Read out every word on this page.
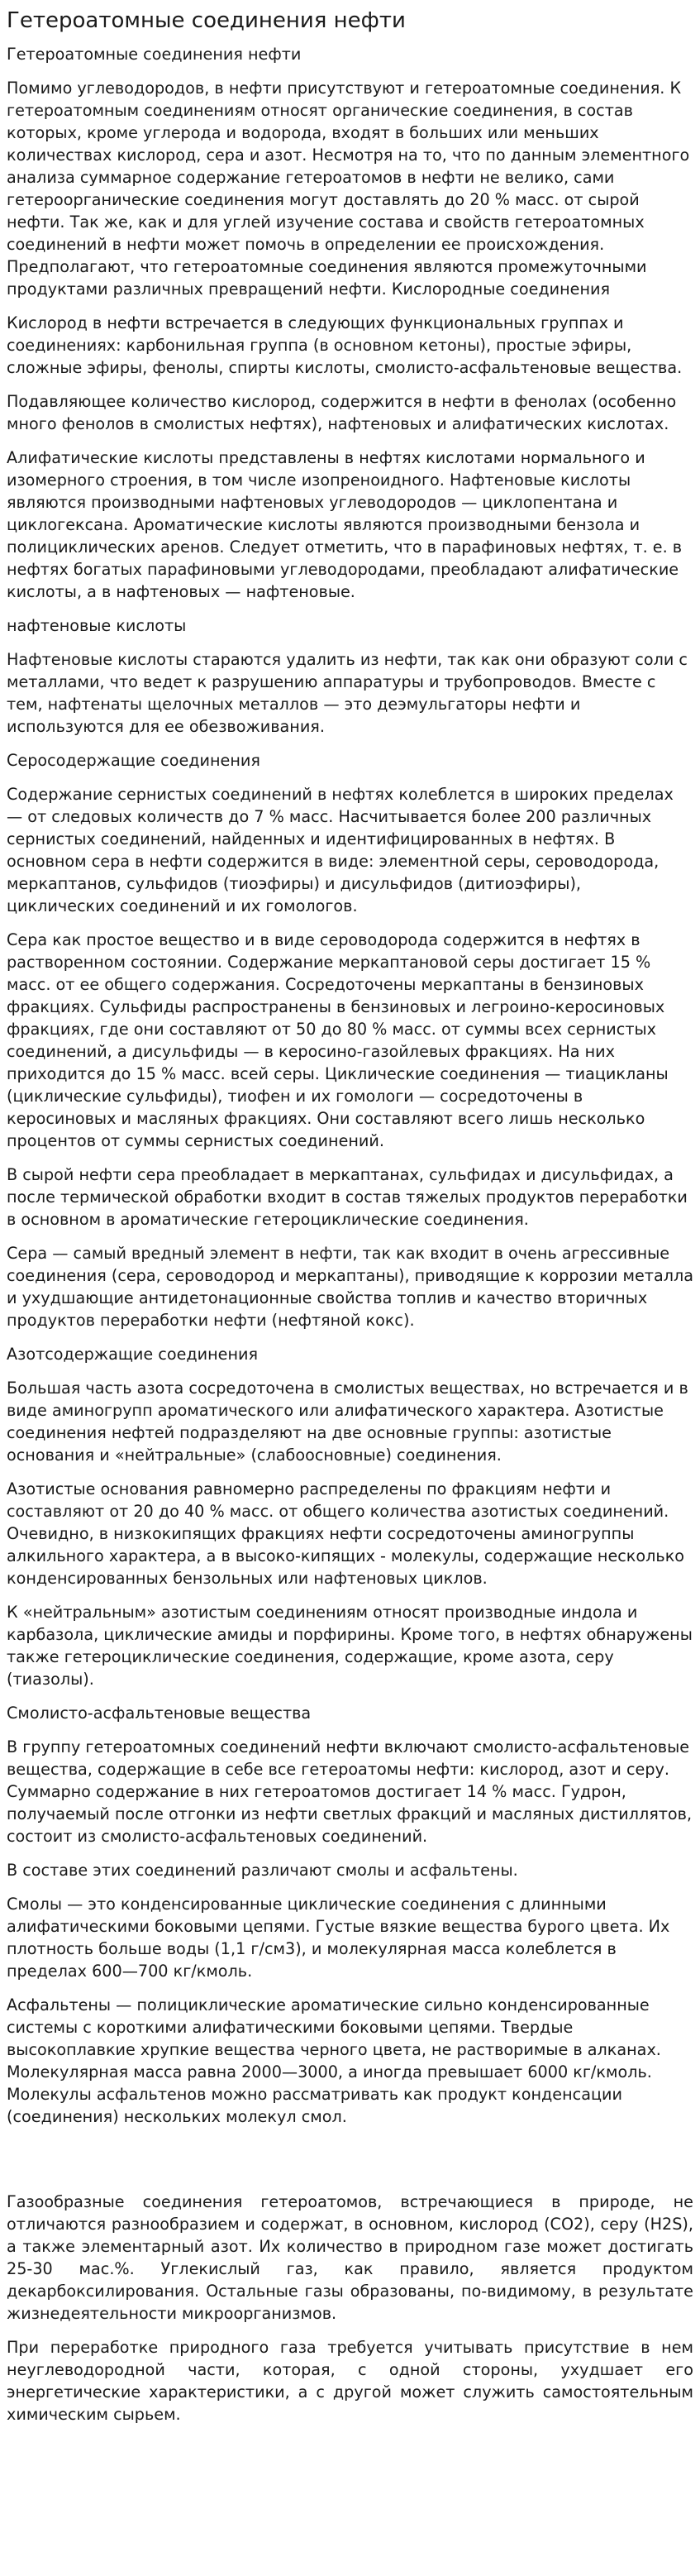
Гетероатомные соединения нефти

Гетероатомные соединения нефти

Помимо углеводородов, в нефти присутствуют и гетероатомные соединения. К гетероатомным соединениям относят органические соединения, в состав которых, кроме углерода и водорода, входят в больших или меньших количествах кислород, сера и азот. Несмотря на то, что по данным элементного анализа суммарное содержание гетероатомов в нефти не велико, сами гетероорганические соединения могут доставлять до 20 % масс. от сырой нефти. Так же, как и для углей изучение состава и свойств гетероатомных соединений в нефти может помочь в определении ее происхождения. Предполагают, что гетероатомные соединения являются промежуточными продуктами различных превращений нефти. Кислородные соединения

Кислород в нефти встречается в следующих функциональных группах и соединениях: карбонильная группа (в основном кетоны), простые эфиры, сложные эфиры, фенолы, спирты кислоты, смолисто-асфальтеновые вещества.

Подавляющее количество кислород, содержится в нефти в фенолах (особенно много фенолов в смолистых нефтях), нафтеновых и алифатических кислотах.

Алифатические кислоты представлены в нефтях кислотами нормального и изомерного строения, в том числе изопреноидного. Нафтеновые кислоты являются производными нафтеновых углеводородов — циклопентана и циклогексана. Ароматические кислоты являются производными бензола и полициклических аренов. Следует отметить, что в парафиновых нефтях, т. е. в нефтях богатых парафиновыми углеводородами, преобладают алифатические кислоты, а в нафтеновых — нафтеновые.

нафтеновые кислоты

Нафтеновые кислоты стараются удалить из нефти, так как они образуют соли с металлами, что ведет к разрушению аппаратуры и трубопроводов. Вместе с тем, нафтенаты щелочных металлов — это деэмульгаторы нефти и используются для ее обезвоживания.

Серосодержащие соединения

Содержание сернистых соединений в нефтях колеблется в широких пределах — от следовых количеств до 7 % масс. Насчитывается более 200 различных сернистых соединений, найденных и идентифицированных в нефтях. В основном сера в нефти содержится в виде: элементной серы, сероводорода, меркаптанов, сульфидов (тиоэфиры) и дисульфидов (дитиоэфиры), циклических соединений и их гомологов.

Сера как простое вещество и в виде сероводорода содержится в нефтях в растворенном состоянии. Содержание меркаптановой серы достигает 15 % масс. от ее общего содержания. Сосредоточены меркаптаны в бензиновых фракциях. Сульфиды распространены в бензиновых и легроино-керосиновых фракциях, где они составляют от 50 до 80 % масс. от суммы всех сернистых соединений, а дисульфиды — в керосино-газойлевых фракциях. На них приходится до 15 % масс. всей серы. Циклические соединения — тиацикланы (циклические сульфиды), тиофен и их гомологи — сосредоточены в керосиновых и масляных фракциях. Они составляют всего лишь несколько процентов от суммы сернистых соединений.

В сырой нефти сера преобладает в меркаптанах, сульфидах и дисульфидах, а после термической обработки входит в состав тяжелых продуктов переработки в основном в ароматические гетероциклические соединения.

Сера — самый вредный элемент в нефти, так как входит в очень агрессивные соединения (сера, сероводород и меркаптаны), приводящие к коррозии металла и ухудшающие антидетонационные свойства топлив и качество вторичных продуктов переработки нефти (нефтяной кокс).

Азотсодержащие соединения

Большая часть азота сосредоточена в смолистых веществах, но встречается и в виде аминогрупп ароматического или алифатического характера. Азотистые соединения нефтей подразделяют на две основные группы: азотистые основания и «нейтральные» (слабоосновные) соединения.

Азотистые основания равномерно распределены по фракциям нефти и составляют от 20 до 40 % масс. от общего количества азотистых соединений. Очевидно, в низкокипящих фракциях нефти сосредоточены аминогруппы алкильного характера, а в высоко-кипящих - молекулы, содержащие несколько конденсированных бензольных или нафтеновых циклов.

К «нейтральным» азотистым соединениям относят производные индола и карбазола, циклические амиды и порфирины. Кроме того, в нефтях обнаружены также гетероциклические соединения, содержащие, кроме азота, серу (тиазолы).

Смолисто-асфальтеновые вещества

В группу гетероатомных соединений нефти включают смолисто-асфальтеновые вещества, содержащие в себе все гетероатомы нефти: кислород, азот и серу. Суммарно содержание в них гетероатомов достигает 14 % масс. Гудрон, получаемый после отгонки из нефти светлых фракций и масляных дистиллятов, состоит из смолисто-асфальтеновых соединений.

В составе этих соединений различают смолы и асфальтены.

Смолы — это конденсированные циклические соединения с длинными алифатическими боковыми цепями. Густые вязкие вещества бурого цвета. Их плотность больше воды (1,1 г/см3), и молекулярная масса колеблется в пределах 600—700 кг/кмоль.

Асфальтены — полициклические ароматические сильно конденсированные системы с короткими алифатическими боковыми цепями. Твердые высокоплавкие хрупкие вещества черного цвета, не растворимые в алканах. Молекулярная масса равна 2000—3000, а иногда превышает 6000 кг/кмоль. Молекулы асфальтенов можно рассматривать как продукт конденсации (соединения) нескольких молекул смол.

Газообразные соединения гетероатомов, встречающиеся в природе, не отличаются разнообразием и содержат, в основном, кислород (CO2), серу (H2S), а также элементарный азот. Их количество в природном газе может достигать 25-30 мас.%. Углекислый газ, как правило, является продуктом декарбоксилирования. Остальные газы образованы, по-видимому, в результате жизнедеятельности микроорганизмов.

При переработке природного газа требуется учитывать присутствие в нем неуглеводородной части, которая, с одной стороны, ухудшает его энергетические характеристики, а с другой может служить самостоятельным химическим сырьем.
